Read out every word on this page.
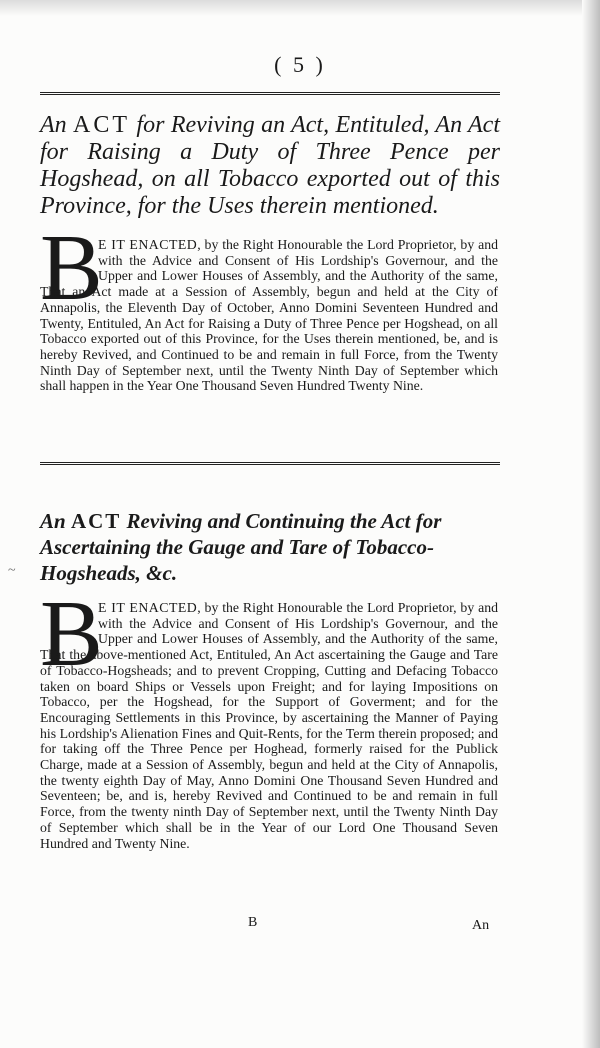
( 5 )
An ACT for Reviving an Act, Entituled, An Act for Raising a Duty of Three Pence per Hogshead, on all Tobacco exported out of this Province, for the Uses therein mentioned.
B
E IT ENACTED, by the Right Honourable the Lord Proprietor, by and with the Advice and Consent of His Lordship's Governour, and the Upper and Lower Houses of Assembly, and the Authority of the same, That an Act made at a Session of Assembly, begun and held at the City of Annapolis, the Eleventh Day of October, Anno Domini Seventeen Hundred and Twenty, Entituled, An Act for Raising a Duty of Three Pence per Hogshead, on all Tobacco exported out of this Province, for the Uses therein mentioned, be, and is hereby Revived, and Continued to be and remain in full Force, from the Twenty Ninth Day of September next, until the Twenty Ninth Day of September which shall happen in the Year One Thousand Seven Hundred Twenty Nine.
An ACT Reviving and Continuing the Act for Ascertaining the Gauge and Tare of Tobacco-Hogsheads, &c.
~
B
E IT ENACTED, by the Right Honourable the Lord Proprietor, by and with the Advice and Consent of His Lordship's Governour, and the Upper and Lower Houses of Assembly, and the Authority of the same, That the above-mentioned Act, Entituled, An Act ascertaining the Gauge and Tare of Tobacco-Hogsheads; and to prevent Cropping, Cutting and Defacing Tobacco taken on board Ships or Vessels upon Freight; and for laying Impositions on Tobacco, per the Hogshead, for the Support of Goverment; and for the Encouraging Settlements in this Province, by ascertaining the Manner of Paying his Lordship's Alienation Fines and Quit-Rents, for the Term therein proposed; and for taking off the Three Pence per Hoghead, formerly raised for the Publick Charge, made at a Session of Assembly, begun and held at the City of Annapolis, the twenty eighth Day of May, Anno Domini One Thousand Seven Hundred and Seventeen; be, and is, hereby Revived and Continued to be and remain in full Force, from the twenty ninth Day of September next, until the Twenty Ninth Day of September which shall be in the Year of our Lord One Thousand Seven Hundred and Twenty Nine.
B	An
